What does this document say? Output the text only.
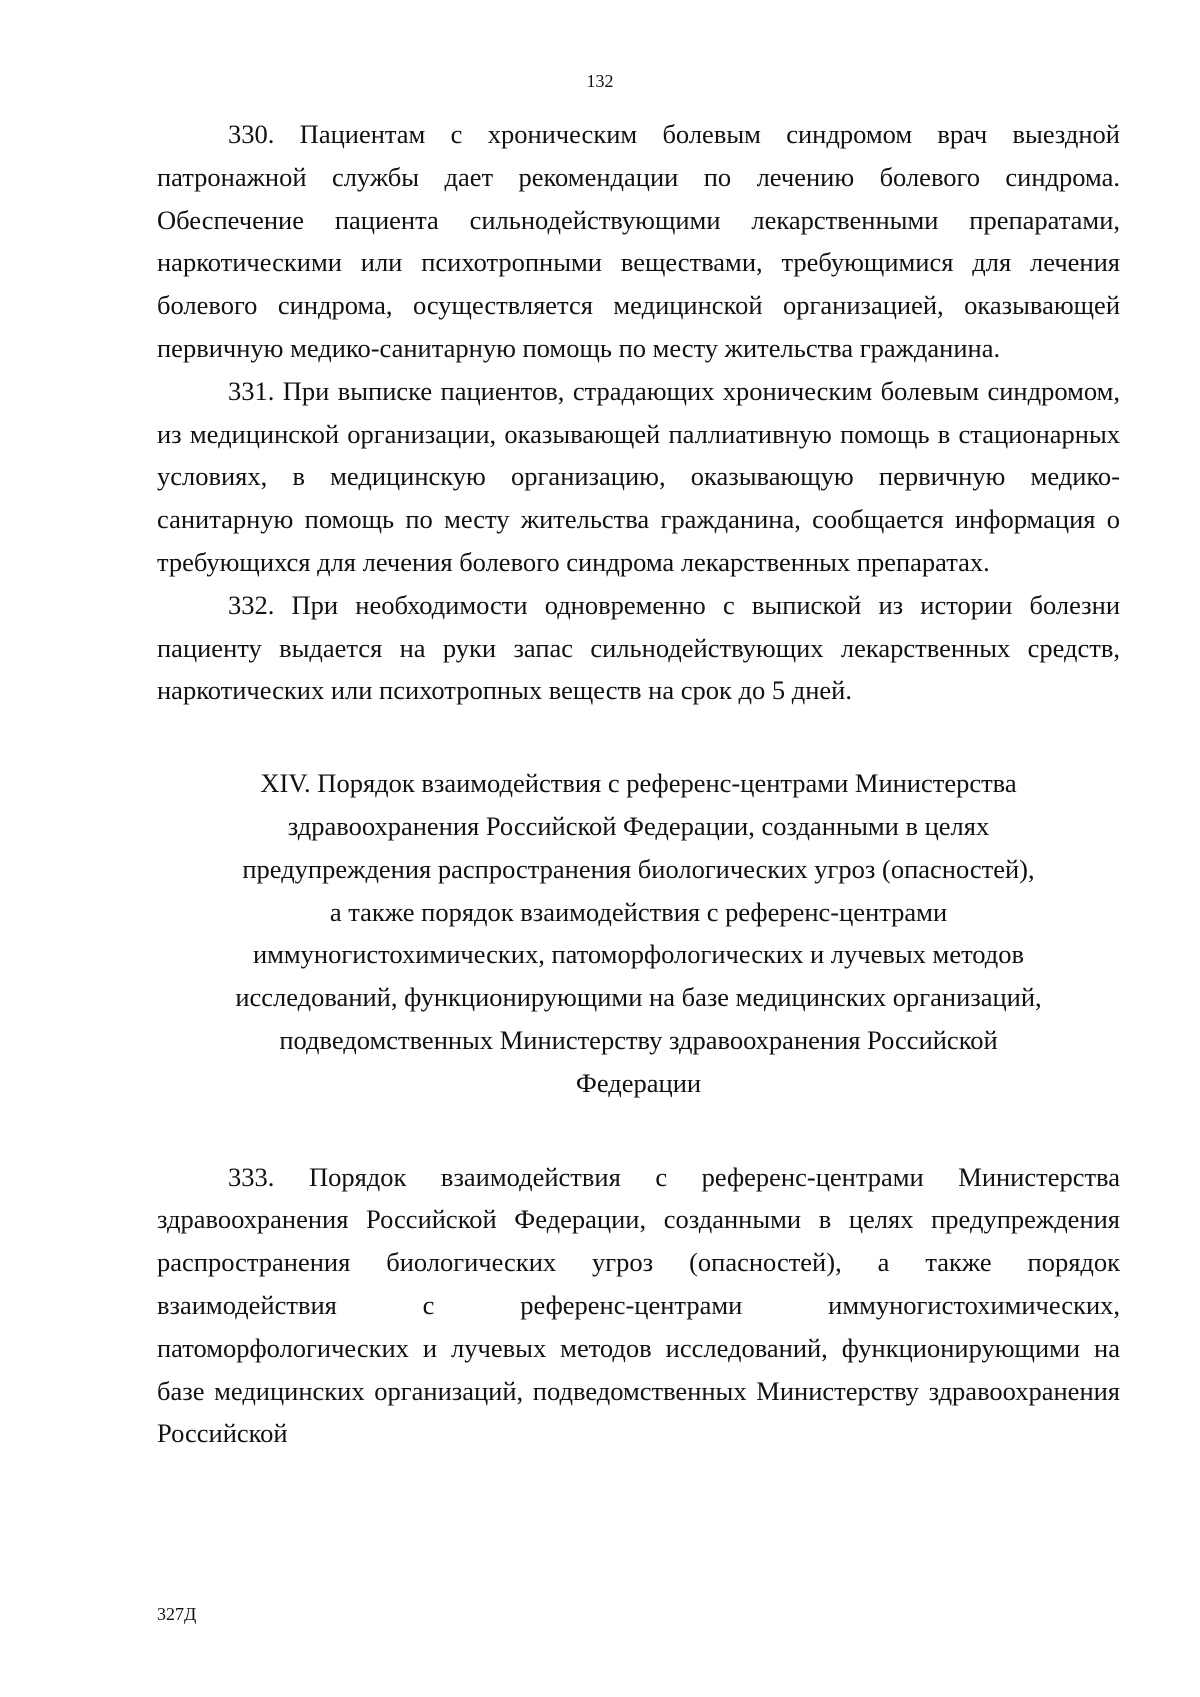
132

330. Пациентам с хроническим болевым синдромом врач выездной патронажной службы дает рекомендации по лечению болевого синдрома. Обеспечение пациента сильнодействующими лекарственными препаратами, наркотическими или психотропными веществами, требующимися для лечения болевого синдрома, осуществляется медицинской организацией, оказывающей первичную медико-санитарную помощь по месту жительства гражданина.

331. При выписке пациентов, страдающих хроническим болевым синдромом, из медицинской организации, оказывающей паллиативную помощь в стационарных условиях, в медицинскую организацию, оказывающую первичную медико-санитарную помощь по месту жительства гражданина, сообщается информация о требующихся для лечения болевого синдрома лекарственных препаратах.

332. При необходимости одновременно с выпиской из истории болезни пациенту выдается на руки запас сильнодействующих лекарственных средств, наркотических или психотропных веществ на срок до 5 дней.

XIV. Порядок взаимодействия с референс-центрами Министерства
здравоохранения Российской Федерации, созданными в целях
предупреждения распространения биологических угроз (опасностей),
а также порядок взаимодействия с референс-центрами
иммуногистохимических, патоморфологических и лучевых методов
исследований, функционирующими на базе медицинских организаций,
подведомственных Министерству здравоохранения Российской
Федерации

333. Порядок взаимодействия с референс-центрами Министерства здравоохранения Российской Федерации, созданными в целях предупреждения распространения биологических угроз (опасностей), а также порядок взаимодействия с референс-центрами иммуногистохимических, патоморфологических и лучевых методов исследований, функционирующими на базе медицинских организаций, подведомственных Министерству здравоохранения Российской

327Д
